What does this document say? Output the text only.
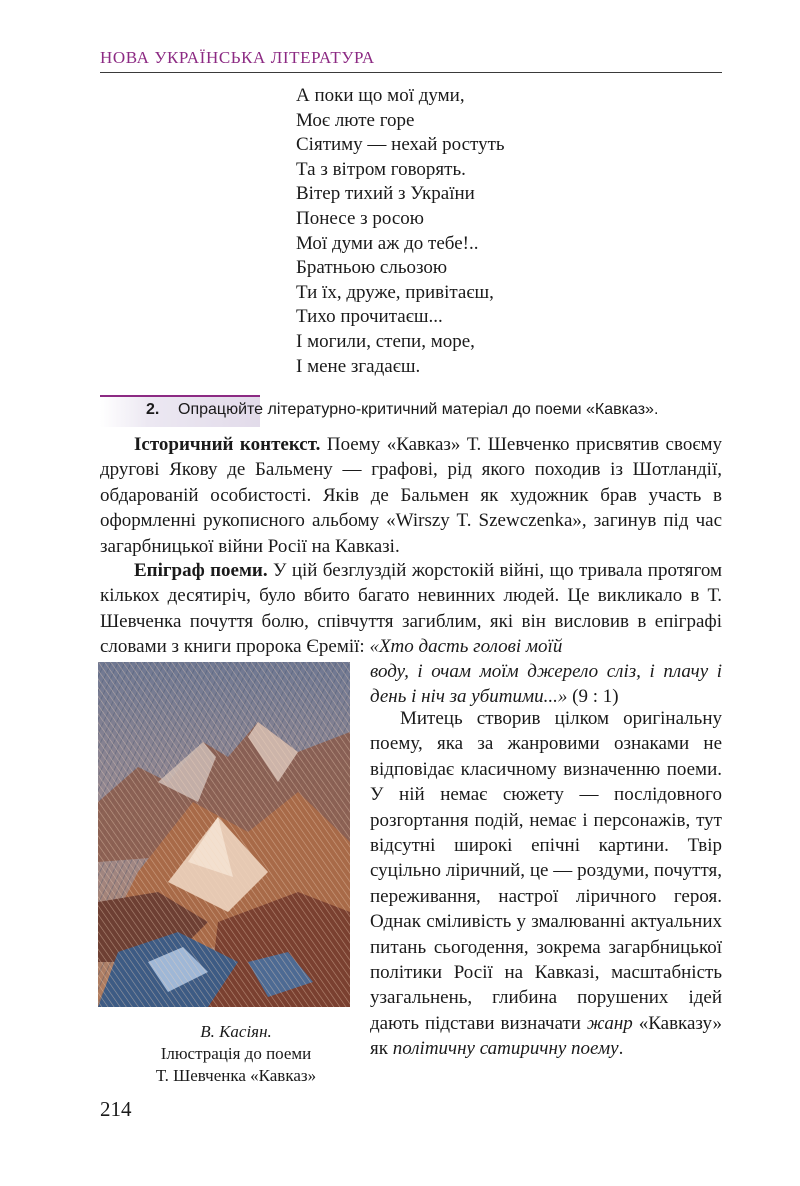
НОВА УКРАЇНСЬКА ЛІТЕРАТУРА
А поки що мої думи,
Моє люте горе
Сіятиму — нехай ростуть
Та з вітром говорять.
Вітер тихий з України
Понесе з росою
Мої думи аж до тебе!..
Братньою сльозою
Ти їх, друже, привітаєш,
Тихо прочитаєш...
І могили, степи, море,
І мене згадаєш.
2. Опрацюйте літературно-критичний матеріал до поеми «Кавказ».
Історичний контекст. Поему «Кавказ» Т. Шевченко присвятив своєму другові Якову де Бальмену — графові, рід якого походив із Шотландії, обдарованій особистості. Яків де Бальмен як художник брав участь в оформленні рукописного альбому «Wirszy T. Szewczenka», загинув під час загарбницької війни Росії на Кавказі.
Епіграф поеми. У цій безглуздій жорстокій війні, що тривала протягом кількох десятиріч, було вбито багато невинних людей. Це викликало в Т. Шевченка почуття болю, співчуття загиблим, які він висловив в епіграфі словами з книги пророка Єремії: «Хто дасть голові моїй
воду, і очам моїм джерело сліз, і плачу і день і ніч за убитими...» (9 : 1)
Митець створив цілком оригінальну поему, яка за жанровими ознаками не відповідає класичному визначенню поеми. У ній немає сюжету — послідовного розгортання подій, немає і персонажів, тут відсутні широкі епічні картини. Твір суцільно ліричний, це — роздуми, почуття, переживання, настрої ліричного героя. Однак сміливість у змалюванні актуальних питань сьогодення, зокрема загарбницької політики Росії на Кавказі, масштабність узагальнень, глибина порушених ідей дають підстави визначати жанр «Кавказу» як політичну сатиричну поему.
В. Касіян.
Ілюстрація до поеми
Т. Шевченка «Кавказ»
214
